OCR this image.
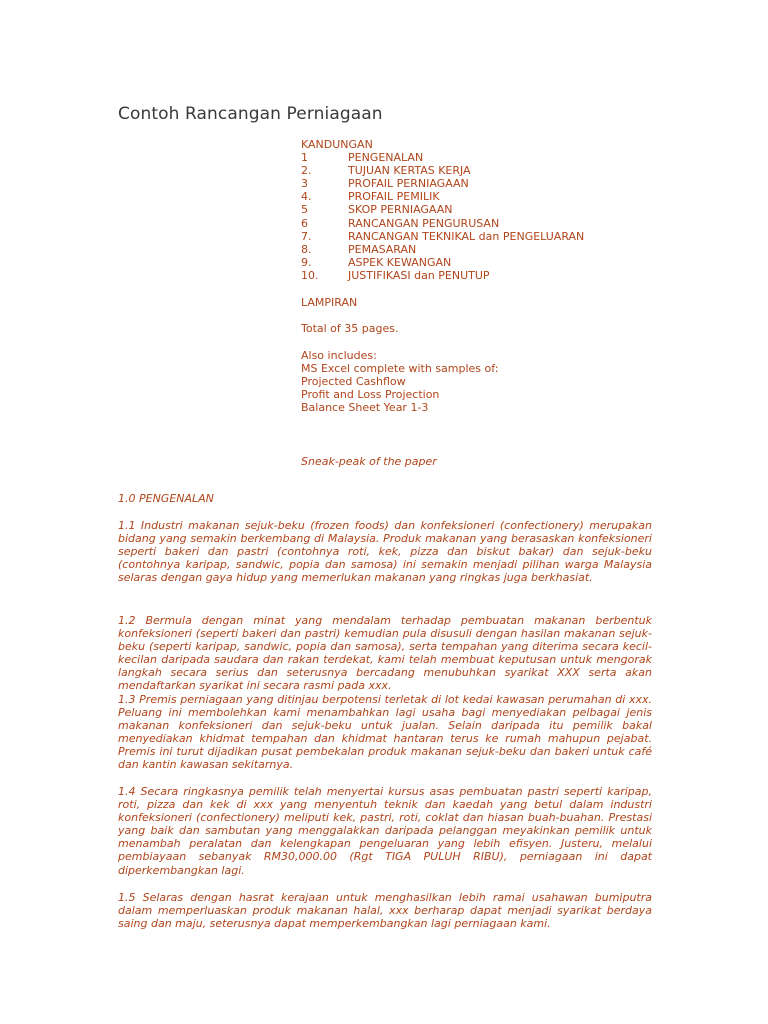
Contoh Rancangan Perniagaan
KANDUNGAN
1	PENGENALAN
2.	TUJUAN KERTAS KERJA
3	PROFAIL PERNIAGAAN
4.	PROFAIL PEMILIK
5	SKOP PERNIAGAAN
6	RANCANGAN PENGURUSAN
7.	RANCANGAN TEKNIKAL dan PENGELUARAN
8.	PEMASARAN
9.	ASPEK KEWANGAN
10.	JUSTIFIKASI dan PENUTUP
LAMPIRAN
Total of 35 pages.
Also includes:
MS Excel complete with samples of:
Projected Cashflow
Profit and Loss Projection
Balance Sheet Year 1-3
Sneak-peak of the paper
1.0 PENGENALAN
1.1 Industri makanan sejuk-beku (frozen foods) dan konfeksioneri (confectionery) merupakan bidang yang semakin berkembang di Malaysia. Produk makanan yang berasaskan konfeksioneri seperti bakeri dan pastri (contohnya roti, kek, pizza dan biskut bakar) dan sejuk-beku (contohnya karipap, sandwic, popia dan samosa) ini semakin menjadi pilihan warga Malaysia selaras dengan gaya hidup yang memerlukan makanan yang ringkas juga berkhasiat.
1.2 Bermula dengan minat yang mendalam terhadap pembuatan makanan berbentuk konfeksioneri (seperti bakeri dan pastri) kemudian pula disusuli dengan hasilan makanan sejuk-beku (seperti karipap, sandwic, popia dan samosa), serta tempahan yang diterima secara kecil-kecilan daripada saudara dan rakan terdekat, kami telah membuat keputusan untuk mengorak langkah secara serius dan seterusnya bercadang menubuhkan syarikat XXX serta akan mendaftarkan syarikat ini secara rasmi pada xxx.
1.3 Premis perniagaan yang ditinjau berpotensi terletak di lot kedai kawasan perumahan di xxx. Peluang ini membolehkan kami menambahkan lagi usaha bagi menyediakan pelbagai jenis makanan konfeksioneri dan sejuk-beku untuk jualan. Selain daripada itu pemilik bakal menyediakan khidmat tempahan dan khidmat hantaran terus ke rumah mahupun pejabat. Premis ini turut dijadikan pusat pembekalan produk makanan sejuk-beku dan bakeri untuk café dan kantin kawasan sekitarnya.
1.4 Secara ringkasnya pemilik telah menyertai kursus asas pembuatan pastri seperti karipap, roti, pizza dan kek di xxx yang menyentuh teknik dan kaedah yang betul dalam industri konfeksioneri (confectionery) meliputi kek, pastri, roti, coklat dan hiasan buah-buahan. Prestasi yang baik dan sambutan yang menggalakkan daripada pelanggan meyakinkan pemilik untuk menambah peralatan dan kelengkapan pengeluaran yang lebih efisyen. Justeru, melalui pembiayaan sebanyak RM30,000.00 (Rgt TIGA PULUH RIBU), perniagaan ini dapat diperkembangkan lagi.
1.5 Selaras dengan hasrat kerajaan untuk menghasilkan lebih ramai usahawan bumiputra dalam memperluaskan produk makanan halal, xxx berharap dapat menjadi syarikat berdaya saing dan maju, seterusnya dapat memperkembangkan lagi perniagaan kami.
